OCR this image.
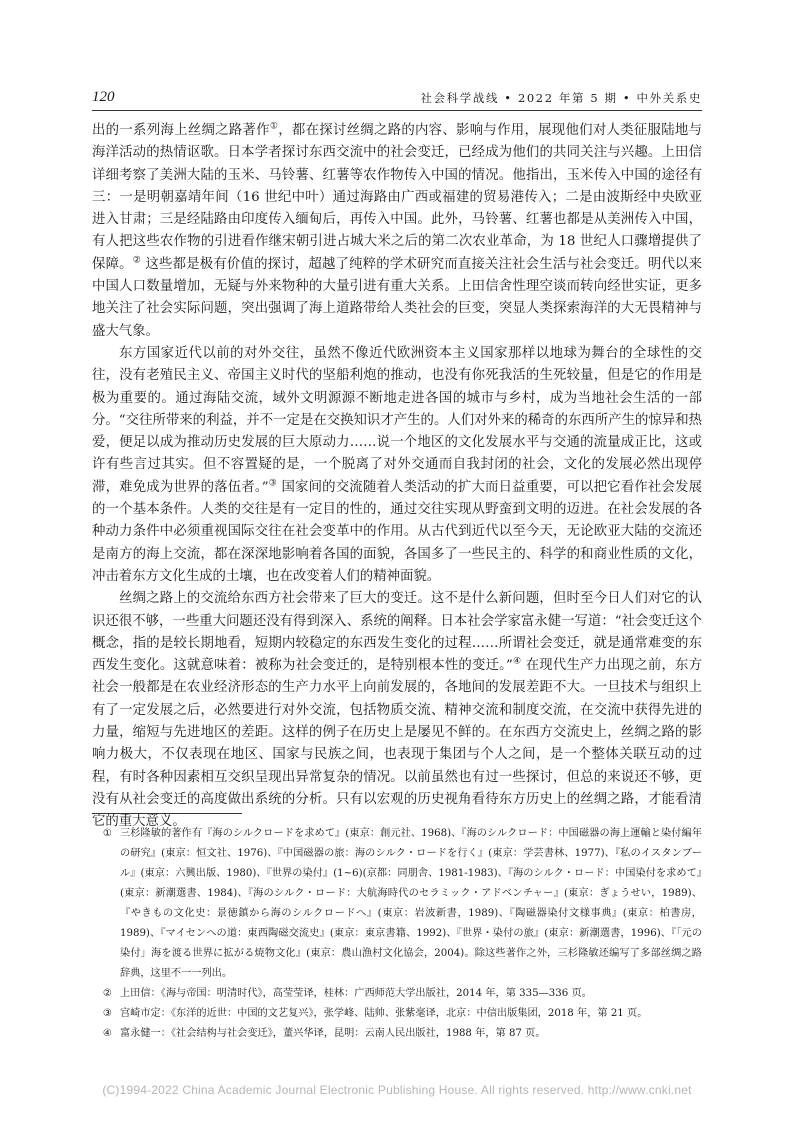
120	社会科学战线 • 2022 年第 5 期 • 中外关系史

出的一系列海上丝绸之路著作①，都在探讨丝绸之路的内容、影响与作用，展现他们对人类征服陆地与海洋活动的热情讴歌。日本学者探讨东西交流中的社会变迁，已经成为他们的共同关注与兴趣。上田信详细考察了美洲大陆的玉米、马铃薯、红薯等农作物传入中国的情况。他指出，玉米传入中国的途径有三：一是明朝嘉靖年间（16 世纪中叶）通过海路由广西或福建的贸易港传入；二是由波斯经中央欧亚进入甘肃；三是经陆路由印度传入缅甸后，再传入中国。此外，马铃薯、红薯也都是从美洲传入中国，有人把这些农作物的引进看作继宋朝引进占城大米之后的第二次农业革命，为 18 世纪人口骤增提供了保障。② 这些都是极有价值的探讨，超越了纯粹的学术研究而直接关注社会生活与社会变迁。明代以来中国人口数量增加，无疑与外来物种的大量引进有重大关系。上田信舍性理空谈而转向经世实证，更多地关注了社会实际问题，突出强调了海上道路带给人类社会的巨变，突显人类探索海洋的大无畏精神与盛大气象。

东方国家近代以前的对外交往，虽然不像近代欧洲资本主义国家那样以地球为舞台的全球性的交往，没有老殖民主义、帝国主义时代的坚船利炮的推动，也没有你死我活的生死较量，但是它的作用是极为重要的。通过海陆交流，域外文明源源不断地走进各国的城市与乡村，成为当地社会生活的一部分。“交往所带来的利益，并不一定是在交换知识才产生的。人们对外来的稀奇的东西所产生的惊异和热爱，便足以成为推动历史发展的巨大原动力……说一个地区的文化发展水平与交通的流量成正比，这或许有些言过其实。但不容置疑的是，一个脱离了对外交通而自我封闭的社会，文化的发展必然出现停滞，难免成为世界的落伍者。”③ 国家间的交流随着人类活动的扩大而日益重要，可以把它看作社会发展的一个基本条件。人类的交往是有一定目的性的，通过交往实现从野蛮到文明的迈进。在社会发展的各种动力条件中必须重视国际交往在社会变革中的作用。从古代到近代以至今天，无论欧亚大陆的交流还是南方的海上交流，都在深深地影响着各国的面貌，各国多了一些民主的、科学的和商业性质的文化，冲击着东方文化生成的土壤，也在改变着人们的精神面貌。

丝绸之路上的交流给东西方社会带来了巨大的变迁。这不是什么新问题，但时至今日人们对它的认识还很不够，一些重大问题还没有得到深入、系统的阐释。日本社会学家富永健一写道：“社会变迁这个概念，指的是较长期地看，短期内较稳定的东西发生变化的过程……所谓社会变迁，就是通常难变的东西发生变化。这就意味着：被称为社会变迁的，是特别根本性的变迁。”④ 在现代生产力出现之前，东方社会一般都是在农业经济形态的生产力水平上向前发展的，各地间的发展差距不大。一旦技术与组织上有了一定发展之后，必然要进行对外交流，包括物质交流、精神交流和制度交流，在交流中获得先进的力量，缩短与先进地区的差距。这样的例子在历史上是屡见不鲜的。在东西方交流史上，丝绸之路的影响力极大，不仅表现在地区、国家与民族之间，也表现于集团与个人之间，是一个整体关联互动的过程，有时各种因素相互交织呈现出异常复杂的情况。以前虽然也有过一些探讨，但总的来说还不够，更没有从社会变迁的高度做出系统的分析。只有以宏观的历史视角看待东方历史上的丝绸之路，才能看清它的重大意义。

① 三杉隆敏的著作有『海のシルクロードを求めて』(東京：創元社、1968)、『海のシルクロード：中国磁器の海上運輸と染付編年の研究』(東京：恒文社、1976)、『中国磁器の旅：海のシルク・ロードを行く』(東京：学芸書林、1977)、『私のイスタンブール』(東京：六興出版、1980)、『世界の染付』(1~6)(京都：同朋舎、1981-1983)、『海のシルク・ロード：中国染付を求めて』(東京：新潮選書、1984)、『海のシルク・ロード：大航海時代のセラミック・アドベンチャー』(東京：ぎょうせい，1989)、『やきもの文化史：景徳鎮から海のシルクロードへ』(東京：岩波新書，1989)、『陶磁器染付文様事典』(東京：柏書房，1989)、『マイセンへの道：東西陶磁交流史』(東京：東京書籍、1992)、『世界・染付の旅』(東京：新潮選書，1996)、『「元の染付」海を渡る世界に拡がる焼物文化』(東京：農山漁村文化協会，2004)。除这些著作之外，三杉隆敏还编写了多部丝绸之路辞典，这里不一一列出。
② 上田信：《海与帝国：明清时代》，高莹莹译，桂林：广西师范大学出版社，2014 年，第 335—336 页。
③ 宫崎市定：《东洋的近世：中国的文艺复兴》，张学峰、陆帅、张紫毫译，北京：中信出版集团，2018 年，第 21 页。
④ 富永健一：《社会结构与社会变迁》，董兴华译，昆明：云南人民出版社，1988 年，第 87 页。
(C)1994-2022 China Academic Journal Electronic Publishing House. All rights reserved. http://www.cnki.net
